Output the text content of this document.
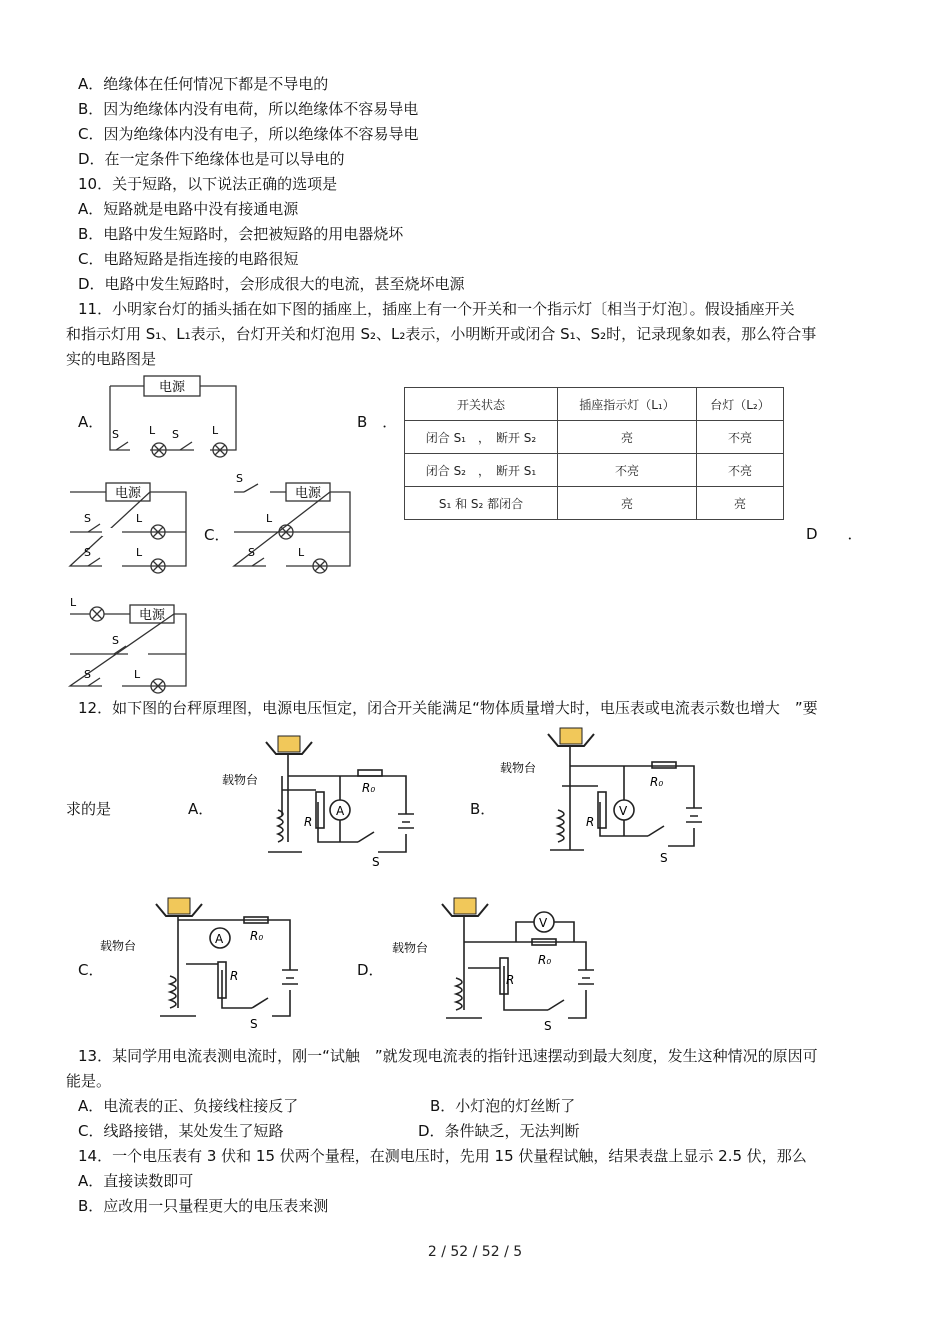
A．绝缘体在任何情况下都是不导电的
B．因为绝缘体内没有电荷，所以绝缘体不容易导电
C．因为绝缘体内没有电子，所以绝缘体不容易导电
D．在一定条件下绝缘体也是可以导电的
10．关于短路，以下说法正确的选项是
A．短路就是电路中没有接通电源
B．电路中发生短路时，会把被短路的用电器烧坏
C．电路短路是指连接的电路很短
D．电路中发生短路时，会形成很大的电流，甚至烧坏电源
11．小明家台灯的插头插在如下图的插座上，插座上有一个开关和一个指示灯〔相当于灯泡〕。假设插座开关
和指示灯用 S₁、L₁表示，台灯开关和灯泡用 S₂、L₂表示，小明断开或闭合 S₁、S₂时，记录现象如表，那么符合事
实的电路图是
A．	B　．
C．	D　　．
电源
S	L S	L
开关状态	插座指示灯（L₁）	台灯（L₂）
闭合 S₁　，　断开 S₂	亮	不亮
闭合 S₂　，　断开 S₁	不亮	不亮
S₁ 和 S₂ 都闭合	亮	亮
电源
S	L
S	L
电源
S
L
S	L
电源
L
S
S	L
12．如下图的台秤原理图，电源电压恒定，闭合开关能满足“物体质量增大时，电压表或电流表示数也增大　”要
求的是	A．	B．
C．	D．
载物台
A
R₀
R
S
载物台
V
R₀
R
S
载物台	A R₀
R
S
载物台
V
R₀
R
S
13．某同学用电流表测电流时，刚一“试触　”就发现电流表的指针迅速摆动到最大刻度，发生这种情况的原因可
能是。
A．电流表的正、负接线柱接反了	B．小灯泡的灯丝断了
C．线路接错，某处发生了短路	D．条件缺乏，无法判断
14．一个电压表有 3 伏和 15 伏两个量程，在测电压时，先用 15 伏量程试触，结果表盘上显示 2.5 伏，那么
A．直接读数即可
B．应改用一只量程更大的电压表来测
2 / 52 / 52 / 5
